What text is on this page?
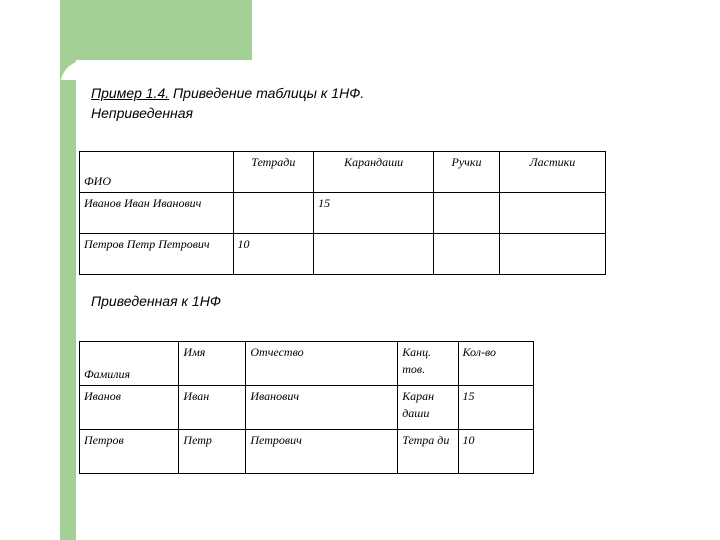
Пример 1.4. Приведение таблицы к 1НФ.
Неприведенная
ФИО	Тетради	Карандаши	Ручки	Ластики
Иванов Иван Иванович		15		
Петров Петр Петрович	10			
Приведенная к 1НФ
Фамилия	Имя	Отчество	Канц. тов.	Кол-во
Иванов	Иван	Иванович	Каран даши	15
Петров	Петр	Петрович	Тетра ди	10
